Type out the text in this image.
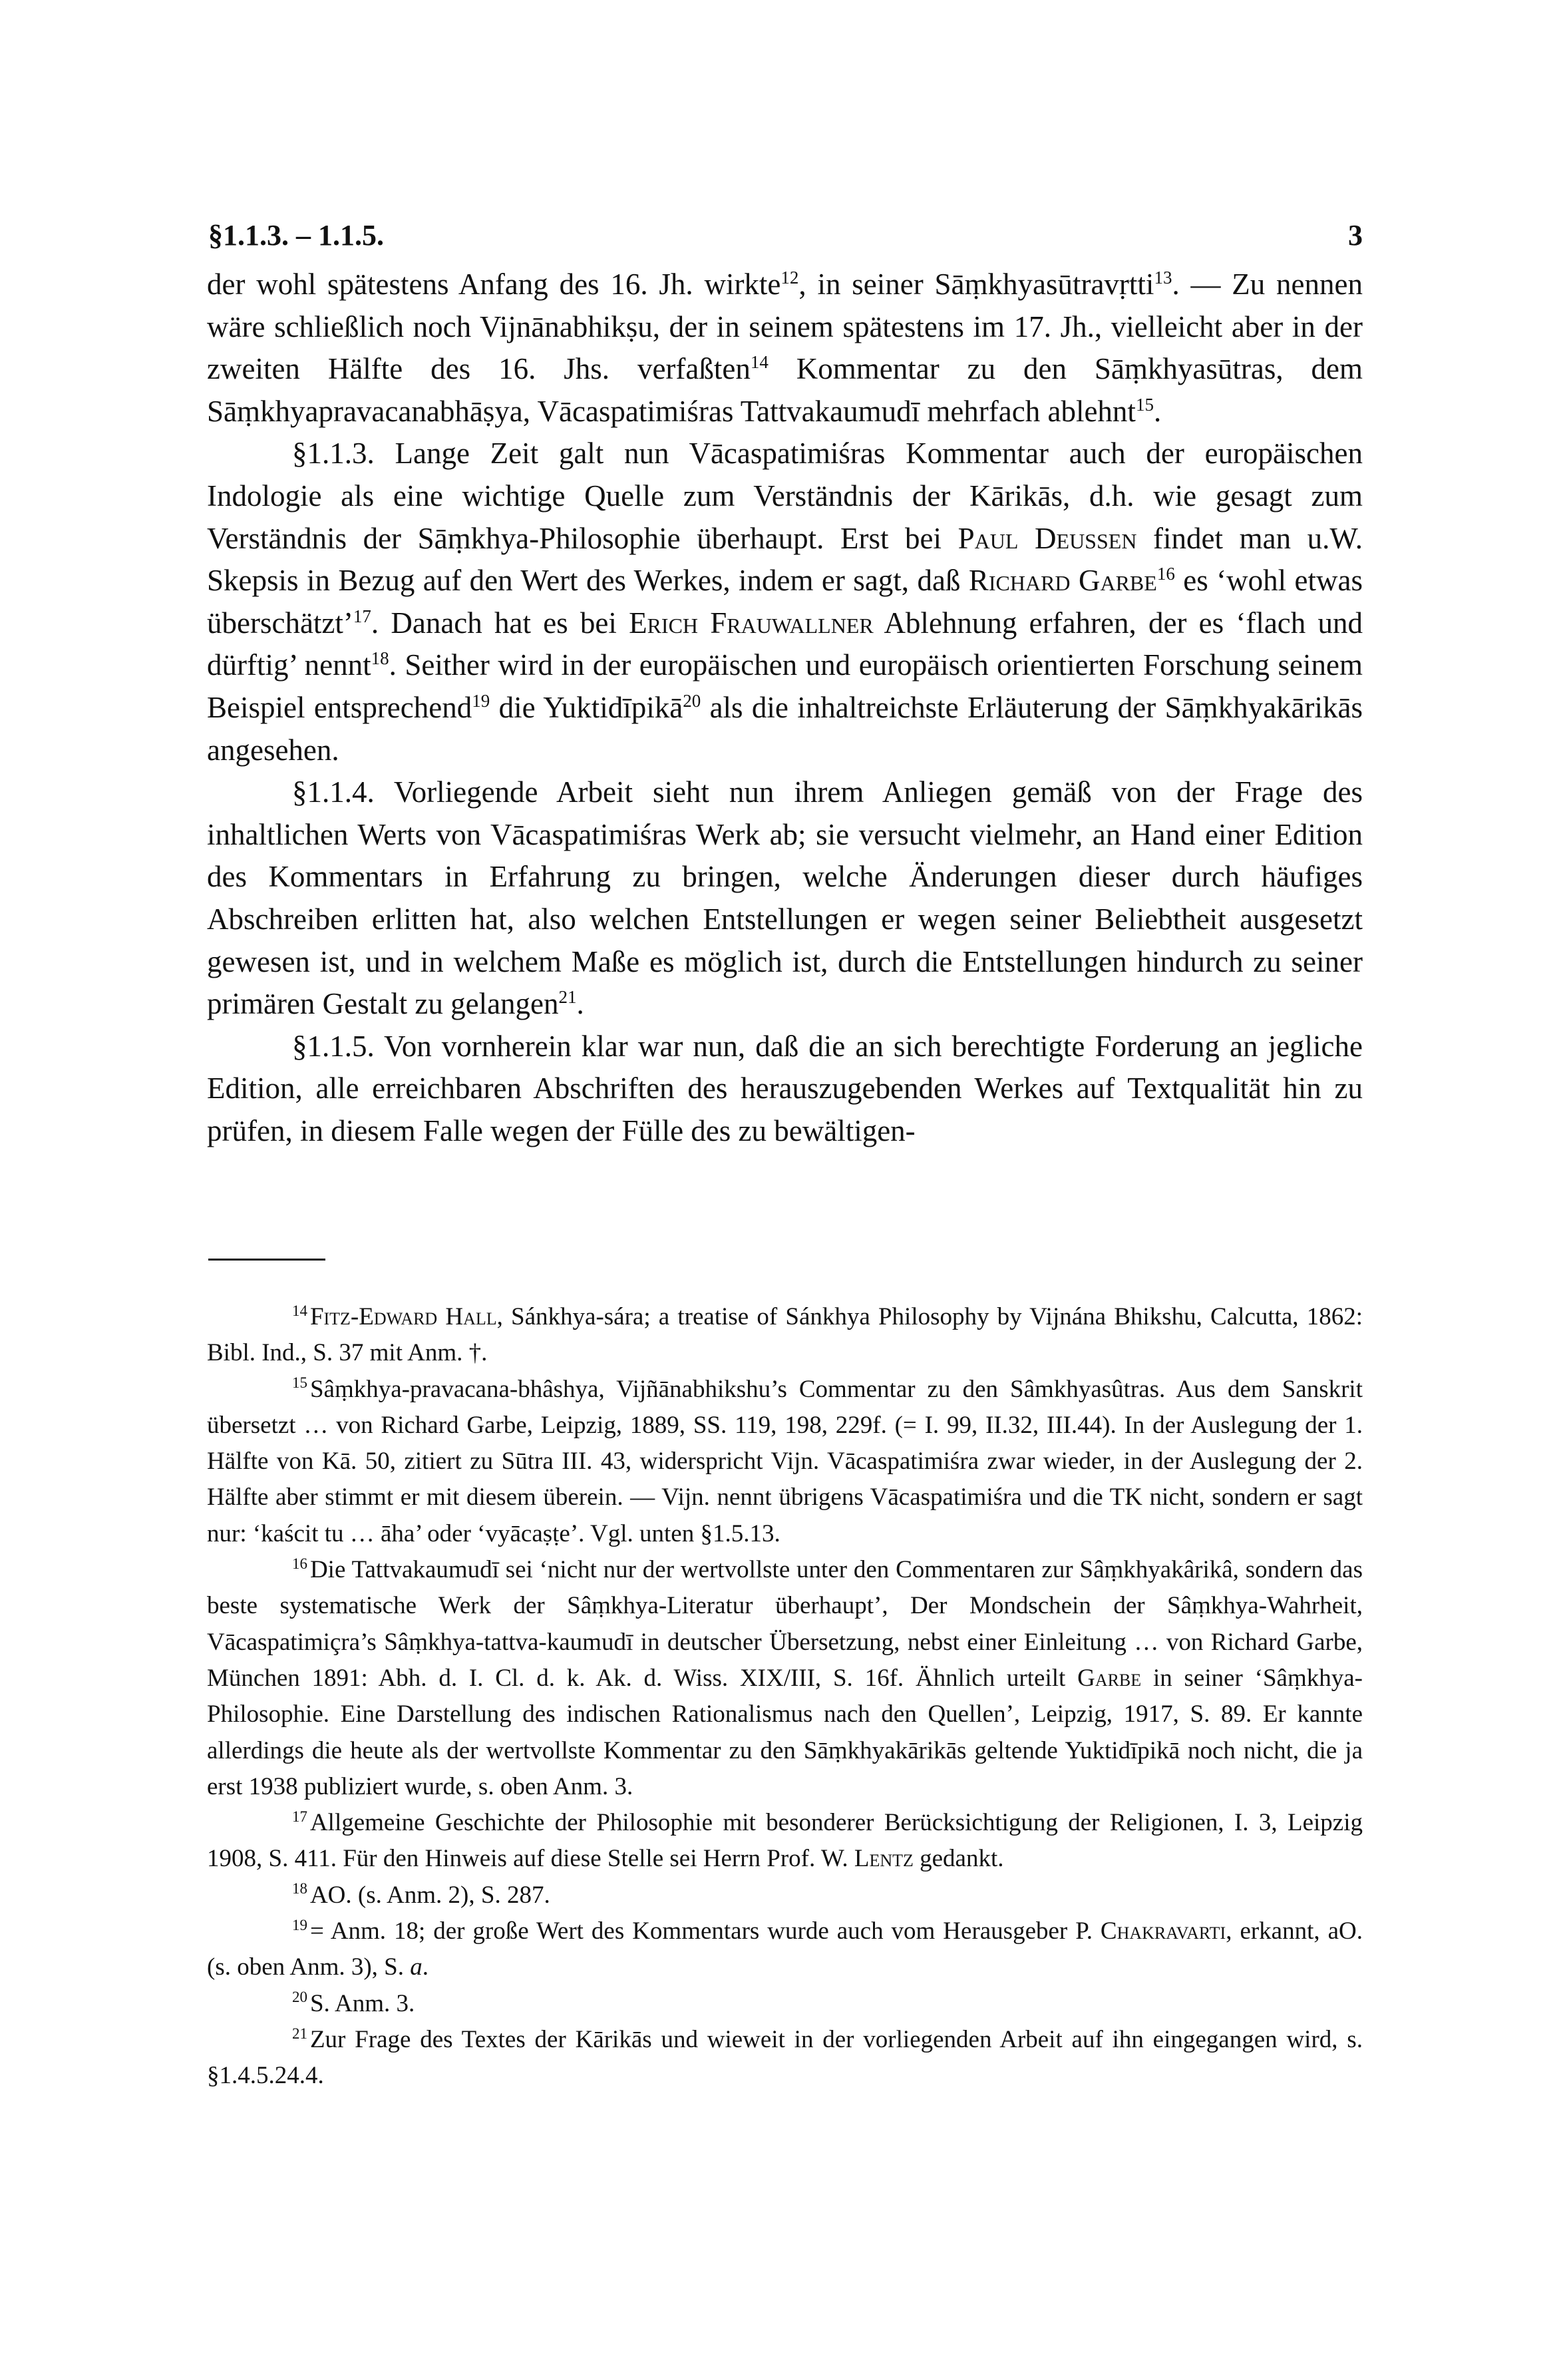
§1.1.3. – 1.1.5.	3

der wohl spätestens Anfang des 16. Jh. wirkte$^{12}$, in seiner Sāṃkhyasūtravṛtti$^{13}$. — Zu nennen wäre schließlich noch Vijnānabhikṣu, der in seinem spätestens im 17. Jh., vielleicht aber in der zweiten Hälfte des 16. Jhs. verfaßten$^{14}$ Kommentar zu den Sāṃkhyasūtras, dem Sāṃkhyapravacanabhāṣya, Vācaspatimiśras Tattvakaumudī mehrfach ablehnt$^{15}$.

§1.1.3. Lange Zeit galt nun Vācaspatimiśras Kommentar auch der europäischen Indologie als eine wichtige Quelle zum Verständnis der Kārikās, d.h. wie gesagt zum Verständnis der Sāṃkhya-Philosophie überhaupt. Erst bei Paul Deussen findet man u.W. Skepsis in Bezug auf den Wert des Werkes, indem er sagt, daß Richard Garbe$^{16}$ es ‘wohl etwas überschätzt’$^{17}$. Danach hat es bei Erich Frauwallner Ablehnung erfahren, der es ‘flach und dürftig’ nennt$^{18}$. Seither wird in der europäischen und europäisch orientierten Forschung seinem Beispiel entsprechend$^{19}$ die Yuktidīpikā$^{20}$ als die inhaltreichste Erläuterung der Sāṃkhyakārikās angesehen.

§1.1.4. Vorliegende Arbeit sieht nun ihrem Anliegen gemäß von der Frage des inhaltlichen Werts von Vācaspatimiśras Werk ab; sie versucht vielmehr, an Hand einer Edition des Kommentars in Erfahrung zu bringen, welche Änderungen dieser durch häufiges Abschreiben erlitten hat, also welchen Entstellungen er wegen seiner Beliebtheit ausgesetzt gewesen ist, und in welchem Maße es möglich ist, durch die Entstellungen hindurch zu seiner primären Gestalt zu gelangen$^{21}$.

§1.1.5. Von vornherein klar war nun, daß die an sich berechtigte Forderung an jegliche Edition, alle erreichbaren Abschriften des herauszugebenden Werkes auf Textqualität hin zu prüfen, in diesem Falle wegen der Fülle des zu bewältigen-

$^{14}$ Fitz-Edward Hall, Sánkhya-sára; a treatise of Sánkhya Philosophy by Vijnána Bhikshu, Calcutta, 1862: Bibl. Ind., S. 37 mit Anm. †.

$^{15}$ Sâṃkhya-pravacana-bhâshya, Vijñānabhikshu’s Commentar zu den Sâmkhyasûtras. Aus dem Sanskrit übersetzt … von Richard Garbe, Leipzig, 1889, SS. 119, 198, 229f. (= I. 99, II.32, III.44). In der Auslegung der 1. Hälfte von Kā. 50, zitiert zu Sūtra III. 43, widerspricht Vijn. Vācaspatimiśra zwar wieder, in der Auslegung der 2. Hälfte aber stimmt er mit diesem überein. — Vijn. nennt übrigens Vācaspatimiśra und die TK nicht, sondern er sagt nur: ‘kaścit tu … āha’ oder ‘vyācaṣṭe’. Vgl. unten §1.5.13.

$^{16}$ Die Tattvakaumudī sei ‘nicht nur der wertvollste unter den Commentaren zur Sâṃkhyakârikâ, sondern das beste systematische Werk der Sâṃkhya-Literatur überhaupt’, Der Mondschein der Sâṃkhya-Wahrheit, Vācaspatimiçra’s Sâṃkhya-tattva-kaumudī in deutscher Übersetzung, nebst einer Einleitung … von Richard Garbe, München 1891: Abh. d. I. Cl. d. k. Ak. d. Wiss. XIX/III, S. 16f. Ähnlich urteilt Garbe in seiner ‘Sâṃkhya-Philosophie. Eine Darstellung des indischen Rationalismus nach den Quellen’, Leipzig, 1917, S. 89. Er kannte allerdings die heute als der wertvollste Kommentar zu den Sāṃkhyakārikās geltende Yuktidīpikā noch nicht, die ja erst 1938 publiziert wurde, s. oben Anm. 3.

$^{17}$ Allgemeine Geschichte der Philosophie mit besonderer Berücksichtigung der Religionen, I. 3, Leipzig 1908, S. 411. Für den Hinweis auf diese Stelle sei Herrn Prof. W. Lentz gedankt.

$^{18}$ AO. (s. Anm. 2), S. 287.

$^{19}$ = Anm. 18; der große Wert des Kommentars wurde auch vom Herausgeber P. Chakravarti, erkannt, aO. (s. oben Anm. 3), S. a.

$^{20}$ S. Anm. 3.

$^{21}$ Zur Frage des Textes der Kārikās und wieweit in der vorliegenden Arbeit auf ihn eingegangen wird, s. §1.4.5.24.4.
